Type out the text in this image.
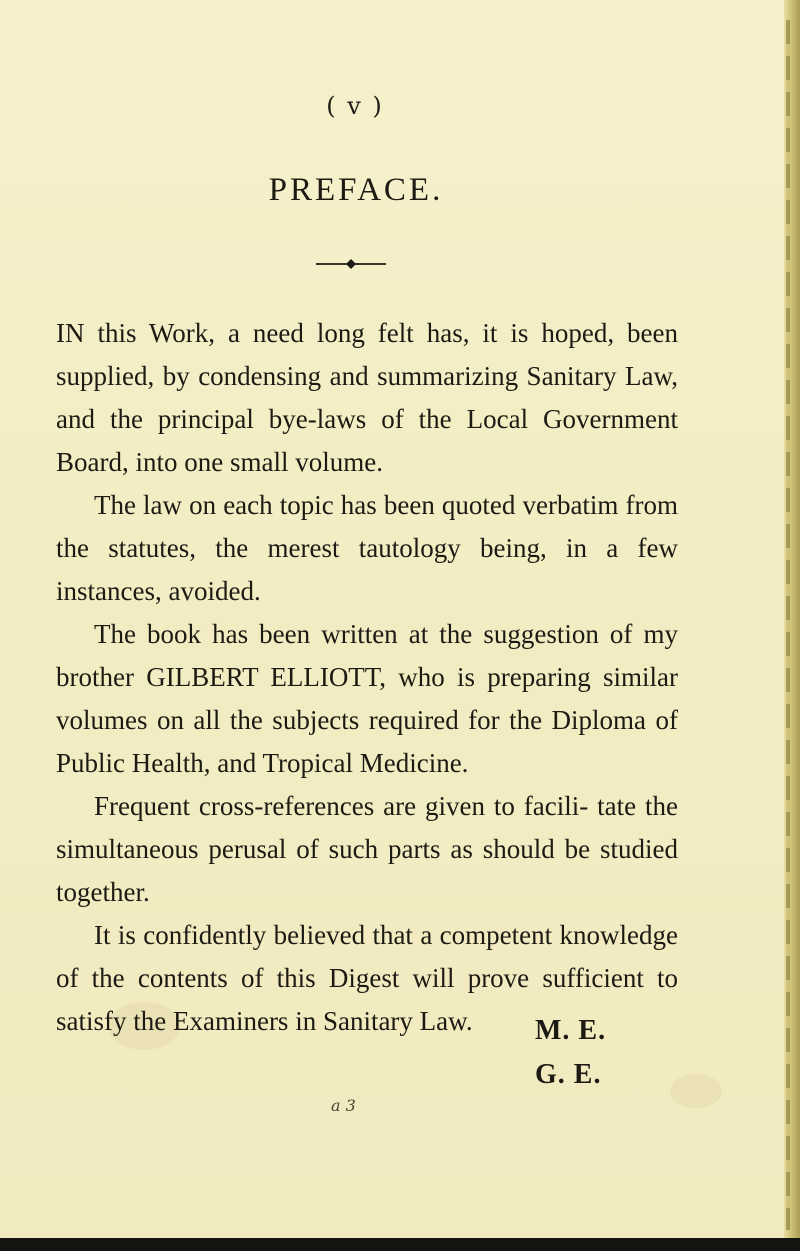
( v )
PREFACE.

IN this Work, a need long felt has, it is hoped, been supplied, by condensing and summarizing Sanitary Law, and the principal bye-laws of the Local Government Board, into one small volume.

The law on each topic has been quoted verbatim from the statutes, the merest tautology being, in a few instances, avoided.

The book has been written at the suggestion of my brother GILBERT ELLIOTT, who is preparing similar volumes on all the subjects required for the Diploma of Public Health, and Tropical Medicine.

Frequent cross-references are given to facili- tate the simultaneous perusal of such parts as should be studied together.

It is confidently believed that a competent knowledge of the contents of this Digest will prove sufficient to satisfy the Examiners in Sanitary Law.	M. E.
G. E.
a 3
